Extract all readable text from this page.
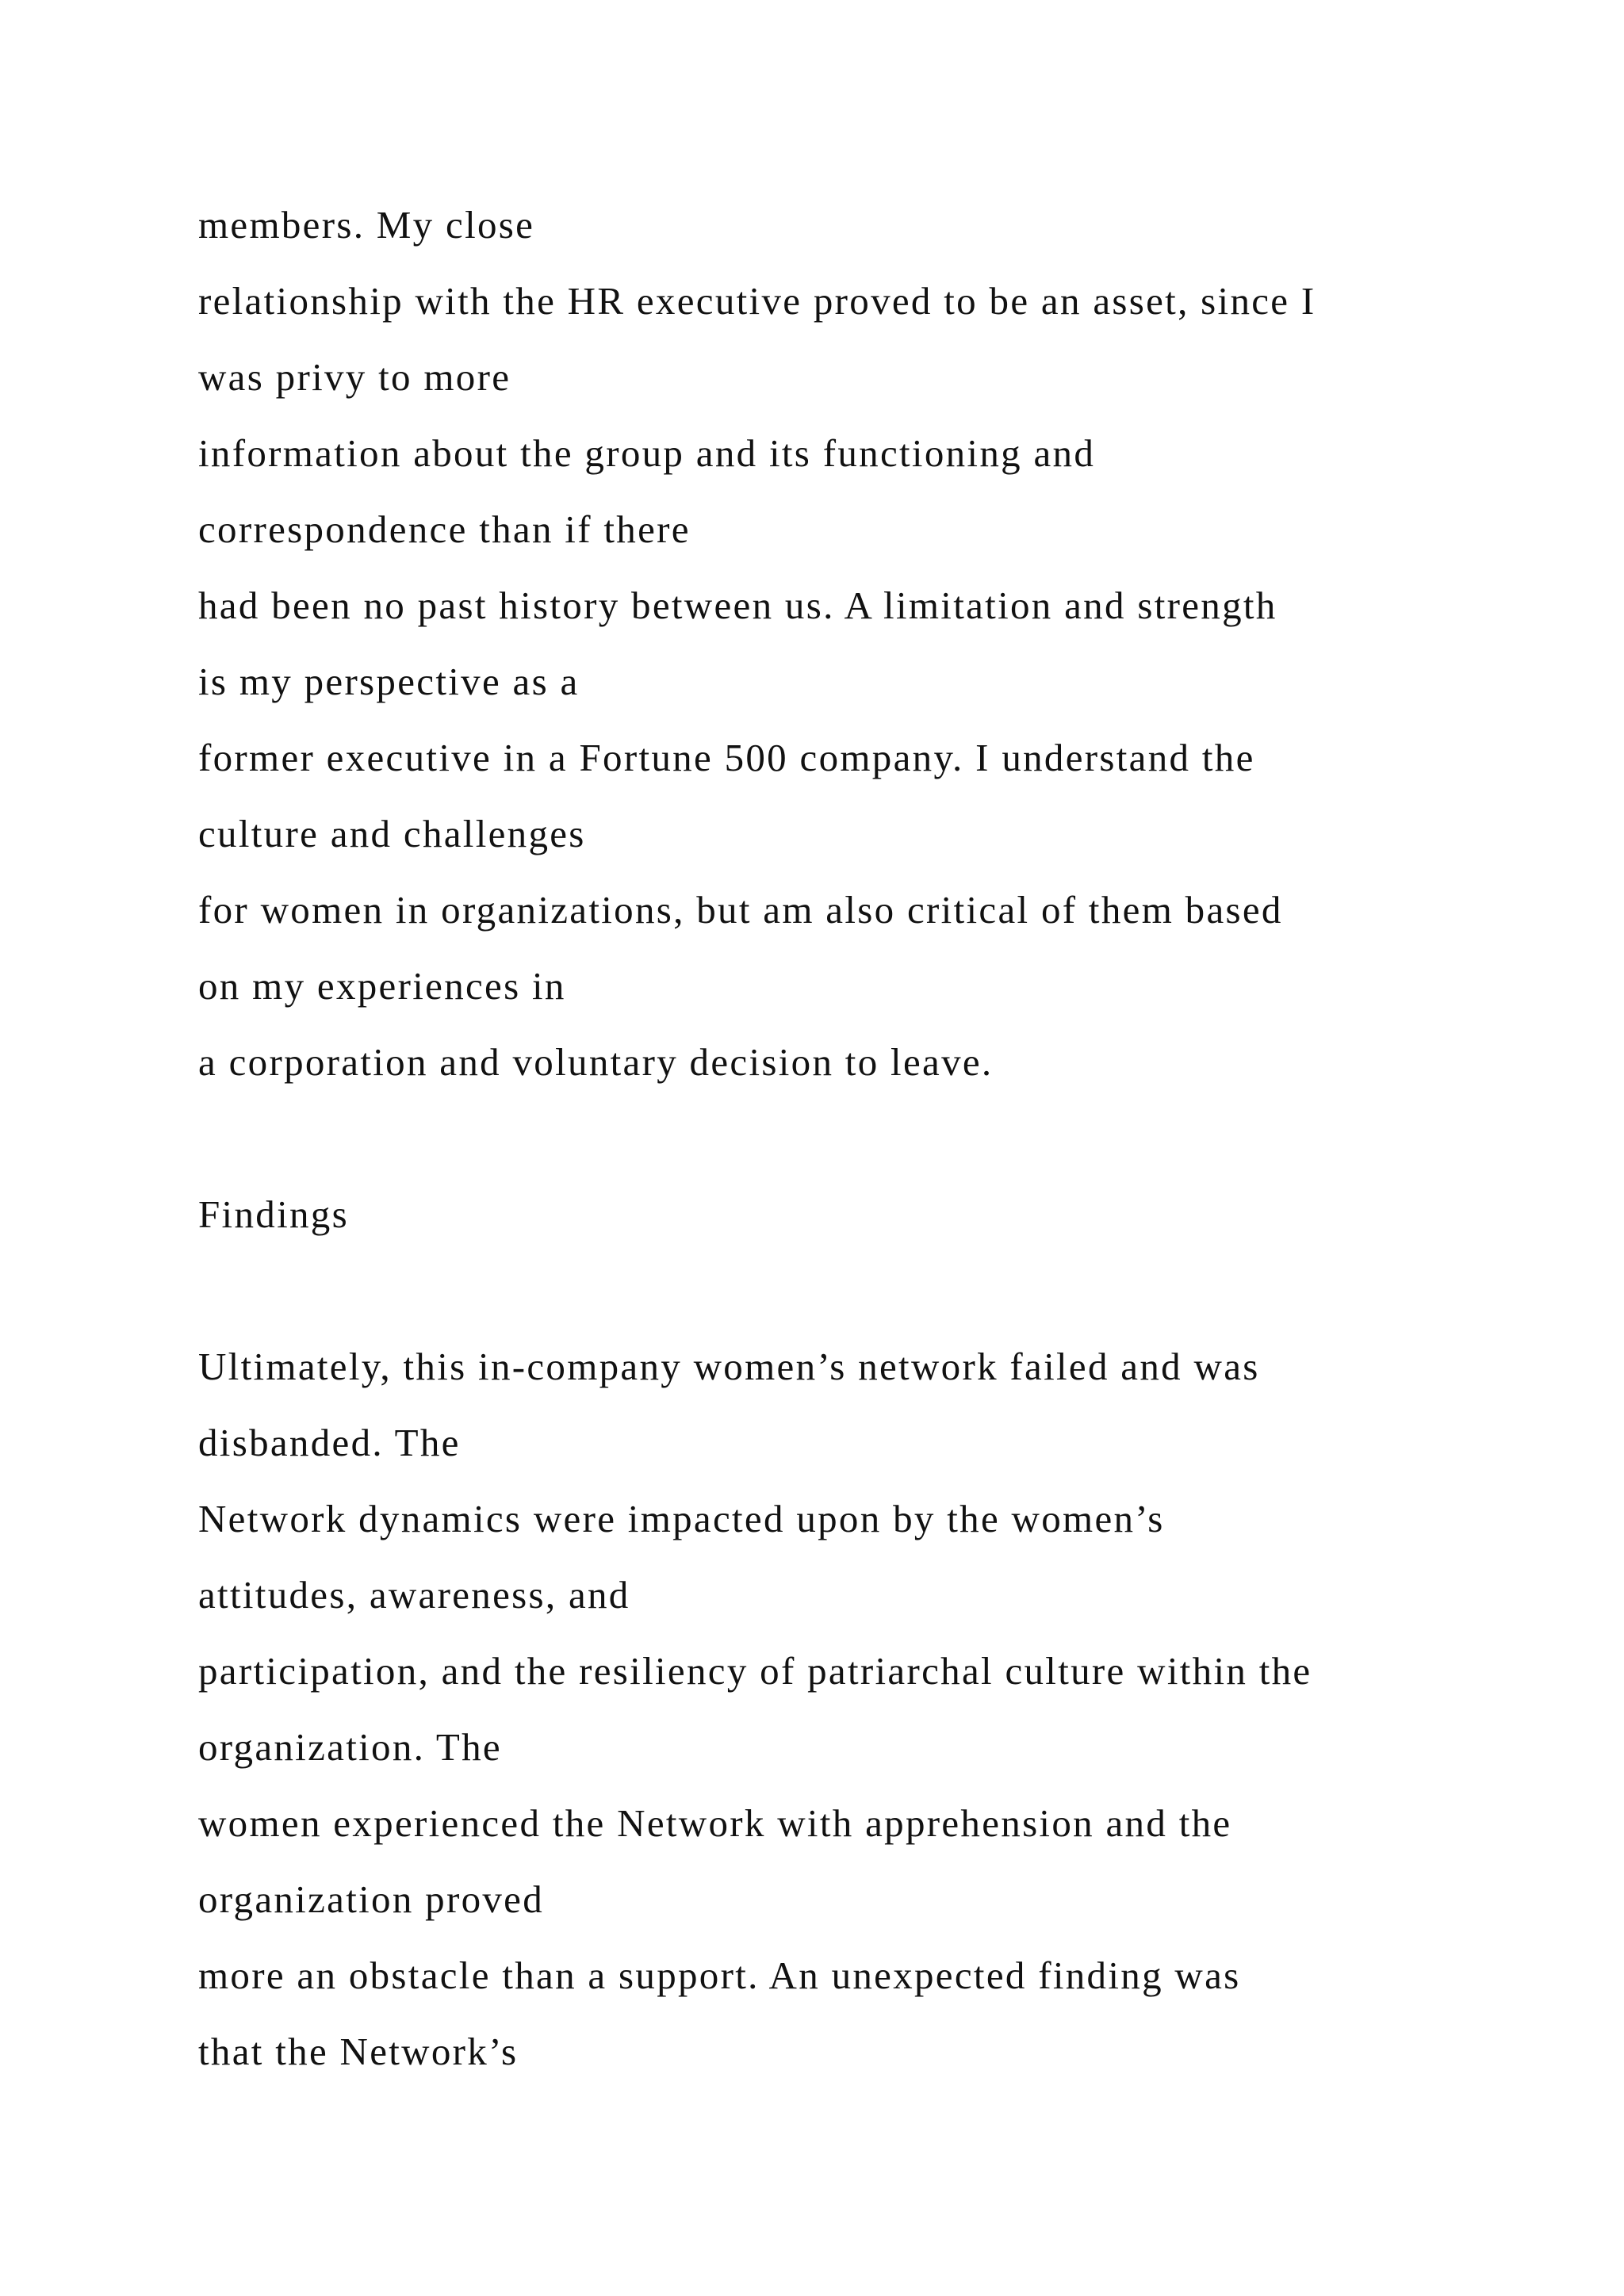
members. My close
relationship with the HR executive proved to be an asset, since I
was privy to more
information about the group and its functioning and
correspondence than if there
had been no past history between us. A limitation and strength
is my perspective as a
former executive in a Fortune 500 company. I understand the
culture and challenges
for women in organizations, but am also critical of them based
on my experiences in
a corporation and voluntary decision to leave.
Findings
Ultimately, this in-company women’s network failed and was
disbanded. The
Network dynamics were impacted upon by the women’s
attitudes, awareness, and
participation, and the resiliency of patriarchal culture within the
organization. The
women experienced the Network with apprehension and the
organization proved
more an obstacle than a support. An unexpected finding was
that the Network’s
